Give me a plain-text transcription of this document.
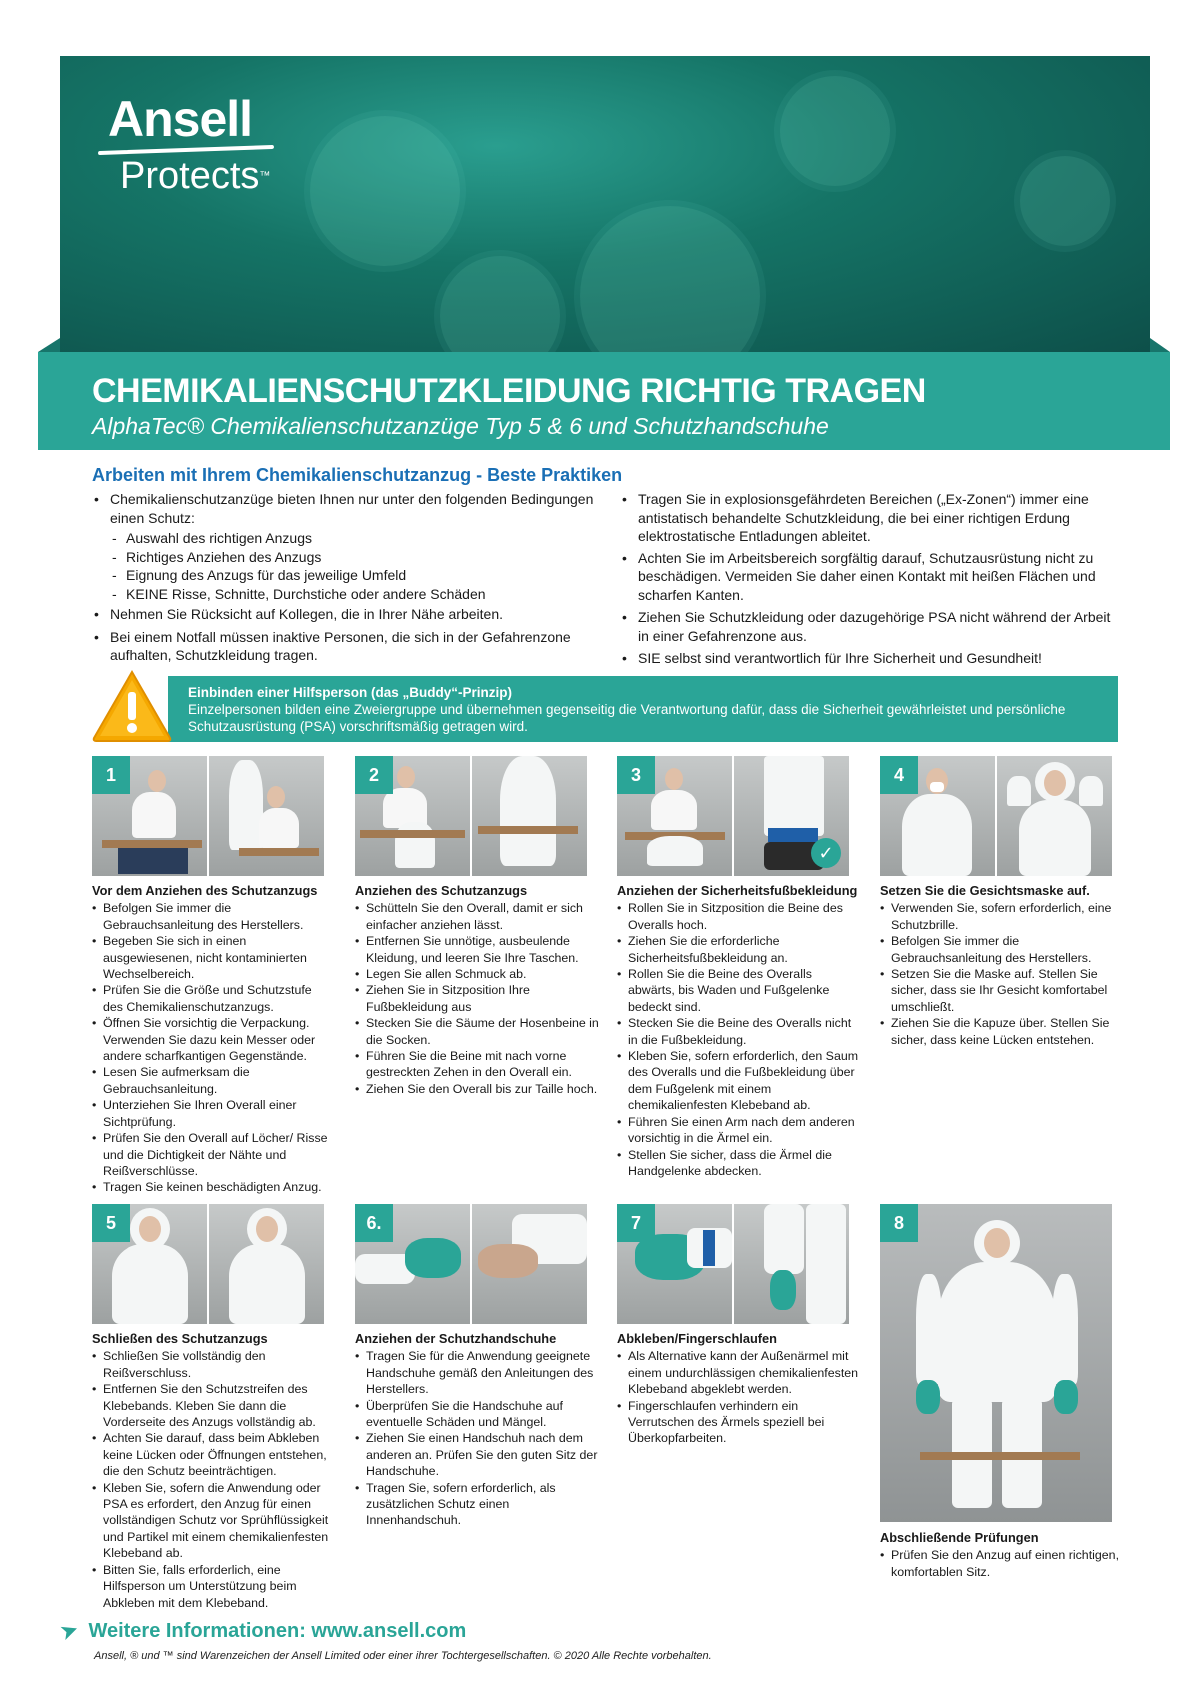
Ansell
Protects™
CHEMIKALIENSCHUTZKLEIDUNG RICHTIG TRAGEN
AlphaTec® Chemikalienschutzanzüge Typ 5 & 6 und Schutzhandschuhe
Arbeiten mit Ihrem Chemikalienschutzanzug - Beste Praktiken
• Chemikalienschutzanzüge bieten Ihnen nur unter den folgenden Bedingungen einen Schutz:
- Auswahl des richtigen Anzugs
- Richtiges Anziehen des Anzugs
- Eignung des Anzugs für das jeweilige Umfeld
- KEINE Risse, Schnitte, Durchstiche oder andere Schäden
• Nehmen Sie Rücksicht auf Kollegen, die in Ihrer Nähe arbeiten.
• Bei einem Notfall müssen inaktive Personen, die sich in der Gefahrenzone aufhalten, Schutzkleidung tragen.
• Tragen Sie in explosionsgefährdeten Bereichen („Ex-Zonen“) immer eine antistatisch behandelte Schutzkleidung, die bei einer richtigen Erdung elektrostatische Entladungen ableitet.
• Achten Sie im Arbeitsbereich sorgfältig darauf, Schutzausrüstung nicht zu beschädigen. Vermeiden Sie daher einen Kontakt mit heißen Flächen und scharfen Kanten.
• Ziehen Sie Schutzkleidung oder dazugehörige PSA nicht während der Arbeit in einer Gefahrenzone aus.
• SIE selbst sind verantwortlich für Ihre Sicherheit und Gesundheit!
Einbinden einer Hilfsperson (das „Buddy“-Prinzip)
Einzelpersonen bilden eine Zweiergruppe und übernehmen gegenseitig die Verantwortung dafür, dass die Sicherheit gewährleistet und persönliche Schutzausrüstung (PSA) vorschriftsmäßig getragen wird.
1
Vor dem Anziehen des Schutzanzugs
• Befolgen Sie immer die Gebrauchsanleitung des Herstellers.
• Begeben Sie sich in einen ausgewiesenen, nicht kontaminierten Wechselbereich.
• Prüfen Sie die Größe und Schutzstufe des Chemikalienschutzanzugs.
• Öffnen Sie vorsichtig die Verpackung. Verwenden Sie dazu kein Messer oder andere scharfkantigen Gegenstände.
• Lesen Sie aufmerksam die Gebrauchsanleitung.
• Unterziehen Sie Ihren Overall einer Sichtprüfung.
• Prüfen Sie den Overall auf Löcher/ Risse und die Dichtigkeit der Nähte und Reißverschlüsse.
• Tragen Sie keinen beschädigten Anzug.
2
Anziehen des Schutzanzugs
• Schütteln Sie den Overall, damit er sich einfacher anziehen lässt.
• Entfernen Sie unnötige, ausbeulende Kleidung, und leeren Sie Ihre Taschen.
• Legen Sie allen Schmuck ab.
• Ziehen Sie in Sitzposition Ihre Fußbekleidung aus
• Stecken Sie die Säume der Hosenbeine in die Socken.
• Führen Sie die Beine mit nach vorne gestreckten Zehen in den Overall ein.
• Ziehen Sie den Overall bis zur Taille hoch.
3
✓
Anziehen der Sicherheitsfußbekleidung
• Rollen Sie in Sitzposition die Beine des Overalls hoch.
• Ziehen Sie die erforderliche Sicherheitsfußbekleidung an.
• Rollen Sie die Beine des Overalls abwärts, bis Waden und Fußgelenke bedeckt sind.
• Stecken Sie die Beine des Overalls nicht in die Fußbekleidung.
• Kleben Sie, sofern erforderlich, den Saum des Overalls und die Fußbekleidung über dem Fußgelenk mit einem chemikalienfesten Klebeband ab.
• Führen Sie einen Arm nach dem anderen vorsichtig in die Ärmel ein.
• Stellen Sie sicher, dass die Ärmel die Handgelenke abdecken.
4
Setzen Sie die Gesichtsmaske auf.
• Verwenden Sie, sofern erforderlich, eine Schutzbrille.
• Befolgen Sie immer die Gebrauchsanleitung des Herstellers.
• Setzen Sie die Maske auf. Stellen Sie sicher, dass sie Ihr Gesicht komfortabel umschließt.
• Ziehen Sie die Kapuze über. Stellen Sie sicher, dass keine Lücken entstehen.
5
Schließen des Schutzanzugs
• Schließen Sie vollständig den Reißverschluss.
• Entfernen Sie den Schutzstreifen des Klebebands. Kleben Sie dann die Vorderseite des Anzugs vollständig ab.
• Achten Sie darauf, dass beim Abkleben keine Lücken oder Öffnungen entstehen, die den Schutz beeinträchtigen.
• Kleben Sie, sofern die Anwendung oder PSA es erfordert, den Anzug für einen vollständigen Schutz vor Sprühflüssigkeit und Partikel mit einem chemikalienfesten Klebeband ab.
• Bitten Sie, falls erforderlich, eine Hilfsperson um Unterstützung beim Abkleben mit dem Klebeband.
6.
Anziehen der Schutzhandschuhe
• Tragen Sie für die Anwendung geeignete Handschuhe gemäß den Anleitungen des Herstellers.
• Überprüfen Sie die Handschuhe auf eventuelle Schäden und Mängel.
• Ziehen Sie einen Handschuh nach dem anderen an. Prüfen Sie den guten Sitz der Handschuhe.
• Tragen Sie, sofern erforderlich, als zusätzlichen Schutz einen Innenhandschuh.
7
Abkleben/Fingerschlaufen
• Als Alternative kann der Außenärmel mit einem undurchlässigen chemikalienfesten Klebeband abgeklebt werden.
• Fingerschlaufen verhindern ein Verrutschen des Ärmels speziell bei Überkopfarbeiten.
8
Abschließende Prüfungen
• Prüfen Sie den Anzug auf einen richtigen, komfortablen Sitz.
➤ Weitere Informationen: www.ansell.com
Ansell, ® und ™ sind Warenzeichen der Ansell Limited oder einer ihrer Tochtergesellschaften. © 2020 Alle Rechte vorbehalten.
